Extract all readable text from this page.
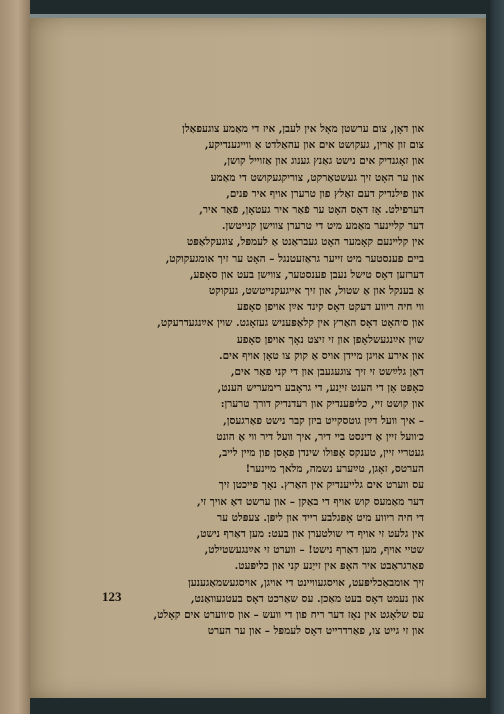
און דאָן, צום ערשטן מאָל אין לעבן, איז די מאַמע צוגעפאַלן
צום זון אַרין, געקושט אים און עהאַלדט אַ ווייגענדיקע,
און זאָגנדיק אים נישט גאַנץ גענוג און אַזוייל קושן,
און ער האָט זיך געשטאַרקט, צוריקגעקושט די מאַמע
און פילנדיק דעם זאַלץ פון טרערן אויף איר פּנים,
דערפילט. אָז דאָס האָט ער פֿאַר איר געטאָן, פֿאַר איר,
דער קליינער מאַמע מיט די טרערן צווישן קנייטשן.
אין קליינעם קאָמער האָט געבראַנט אַ לעמפּל, צוגעקלאַפּט
ביים פענסטער מיט זייער גראַזעטנגל – האָט ער זיך אומגעקוקט,
דערזען דאָס טישל נעבן פענסטער, צווישן בעט און סאָפע,
אַ בענקל און אַ שטול, און זיך אייגעקנייטשט, געקוקט
ווי חיה ריווע דעקט דאָס קינד אײַן אויפן סאָפע
און ס׳האָט דאָס האַרץ אין קלאַפּעניש געזאָגט. שוין אײַנגעדרעקט,
שוין אײַנגעשלאָפן און זי זיצט נאָך אויפן סאָפע
און אירע אויגן מיידן אויס אַ קוק צו טאָן אויף אים.
דאַן גלײַשט זי זיך צוגעגעבן און די קני פאַר אים,
כאָפּט אָן די הענט זייַנע, די גראָבע רימעריש הענט,
און קושט זיי, כליפּענדיק און רעדנדיק דורך טרערן:
– איך וועל דײַן גוטסקייט ביזן קבר נישט פאַרגעסן,
כ׳וועל זיין אַ דינסט ביי דיר, איך וועל דיר ווי אַ הונט
געטריי זיין, טענקס אָפּולו שינדן פאָסן פון מיין לייב,
הערטס, זאָגן, טײַערע נשמה, מלאך מיינער!
עס ווערט אים גלייענדיק אין האַרץ. נאָך פייכטן זיך
דער מאַמעס קוש אויף די באַקן – און ערשט דאַ אויך זי,
די חיה ריווע מיט אָפּגלבע רייד און ליפּן. צעפּלט ער
אין גלעט זי אויף די שולטערן און בעט: מען דאַרף נישט,
שטיי אויף, מען דאַרף נישט! – ווערט זי אײַנגעשטילט,
פאַרגראַבט איר האָפּ אין זייַנע קני און כליפּעט.
זיך אומבאַכליפּעט, אויסגעוויינט די אויגן, אויסגעשמאַגענען
און נעמט דאָס בעט מאַכן. עס שאַרכט דאָס בעטגעוואַנט,
עס שלאָגט אין נאָז דער ריח פון די וועש – און ס׳ווערט אים קאָלט,
און זי גייט צו, פאַרדרייט דאָס לעמפּל – און ער הערט
123
